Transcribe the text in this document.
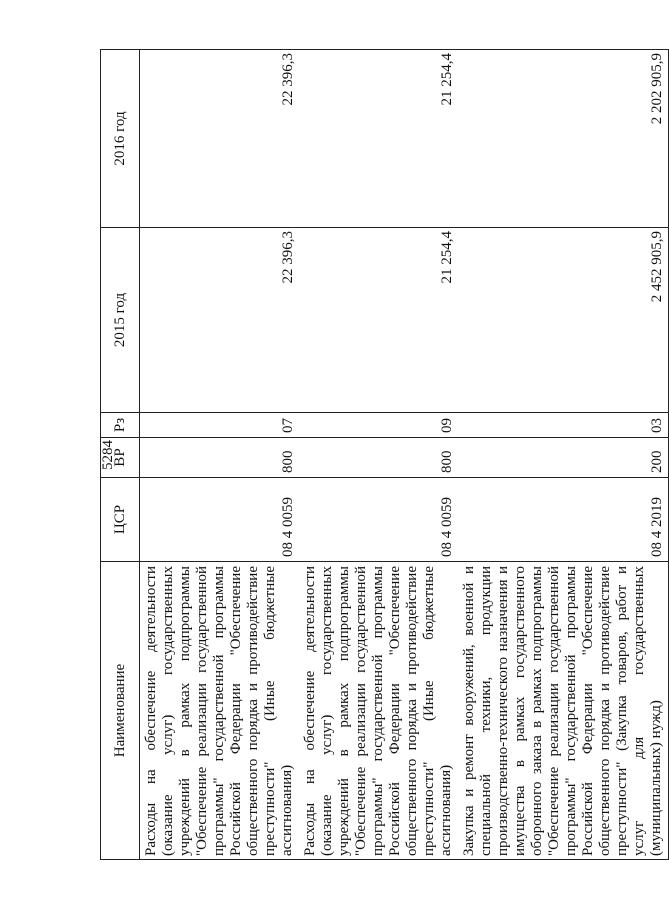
5284
Наименование	ЦСР	ВР	Рз	2015 год	2016 год
Расходы на обеспечение деятельности (оказание услуг) государственных учреждений в рамках подпрограммы "Обеспечение реализации государственной программы" государственной программы Российской Федерации "Обеспечение общественного порядка и противодействие преступности" (Иные бюджетные ассигнования)	08 4 0059	800	07	22 396,3	22 396,3
Расходы на обеспечение деятельности (оказание услуг) государственных учреждений в рамках подпрограммы "Обеспечение реализации государственной программы" государственной программы Российской Федерации "Обеспечение общественного порядка и противодействие преступности" (Иные бюджетные ассигнования)	08 4 0059	800	09	21 254,4	21 254,4
Закупка и ремонт вооружений, военной и специальной техники, продукции производственно-технического назначения и имущества в рамках государственного оборонного заказа в рамках подпрограммы "Обеспечение реализации государственной программы" государственной программы Российской Федерации "Обеспечение общественного порядка и противодействие преступности" (Закупка товаров, работ и услуг для государственных (муниципальных) нужд)	08 4 2019	200	03	2 452 905,9	2 202 905,9
